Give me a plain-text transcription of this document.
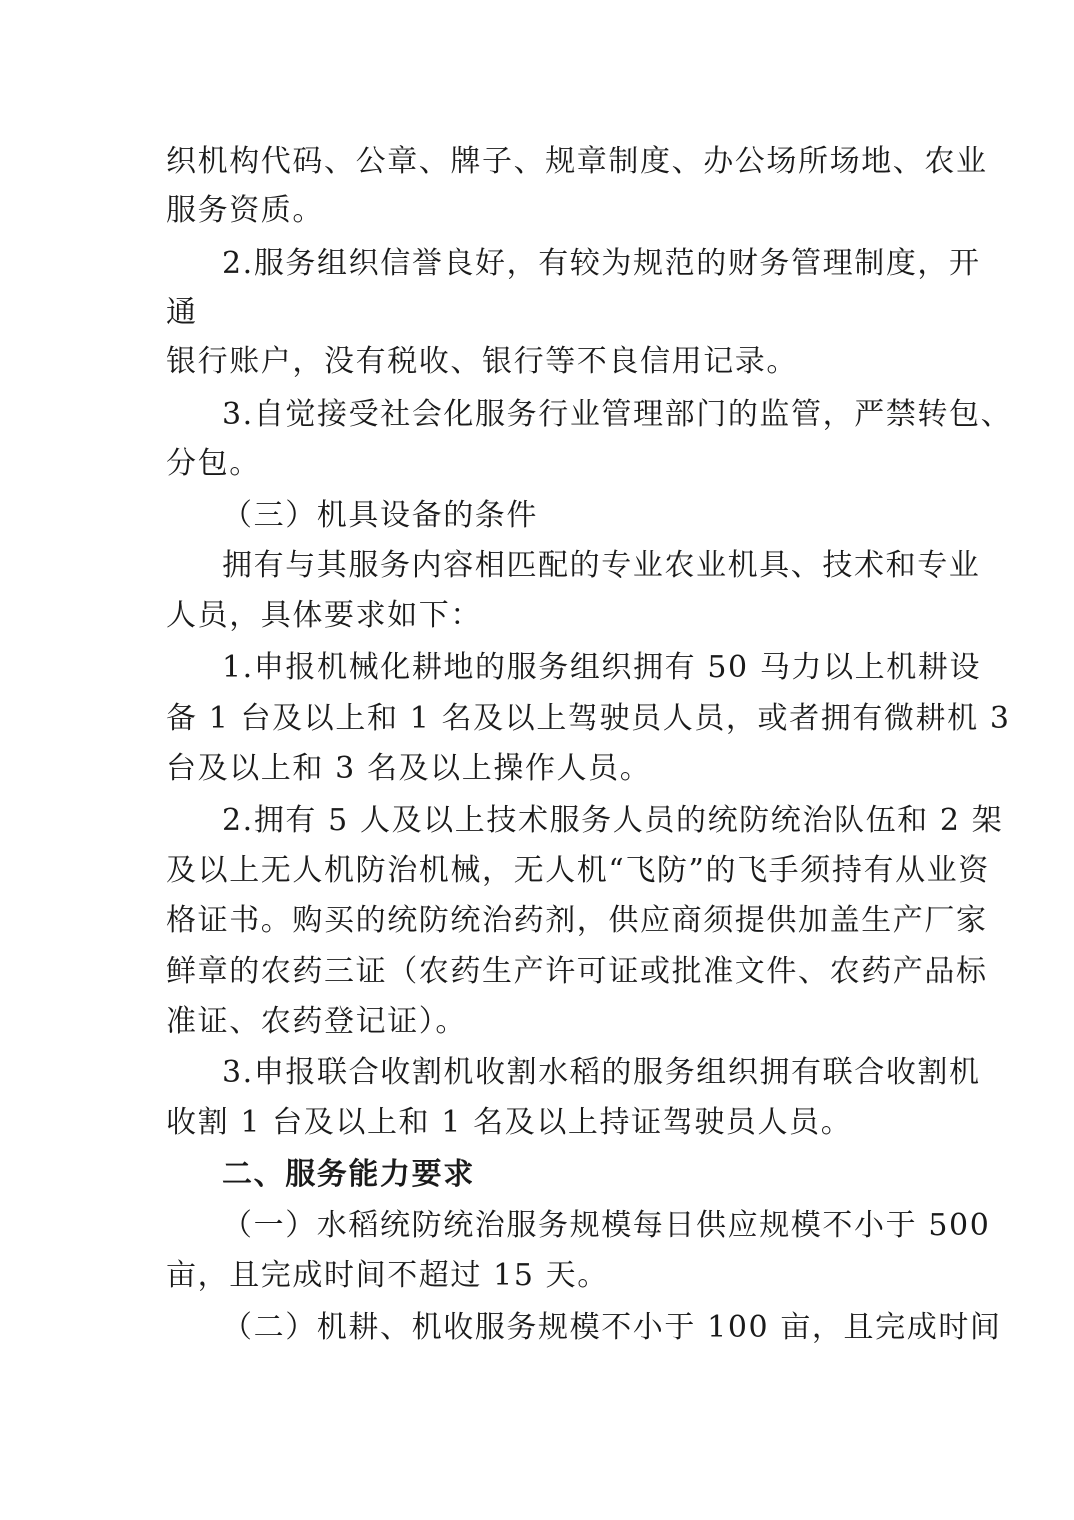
织机构代码、公章、牌子、规章制度、办公场所场地、农业
服务资质。
2.服务组织信誉良好，有较为规范的财务管理制度，开
通
银行账户，没有税收、银行等不良信用记录。
3.自觉接受社会化服务行业管理部门的监管，严禁转包、
分包。
（三）机具设备的条件
拥有与其服务内容相匹配的专业农业机具、技术和专业
人员，具体要求如下：
1.申报机械化耕地的服务组织拥有 50 马力以上机耕设
备 1 台及以上和 1 名及以上驾驶员人员，或者拥有微耕机 3
台及以上和 3 名及以上操作人员。
2.拥有 5 人及以上技术服务人员的统防统治队伍和 2 架
及以上无人机防治机械，无人机“飞防”的飞手须持有从业资
格证书。购买的统防统治药剂，供应商须提供加盖生产厂家
鲜章的农药三证（农药生产许可证或批准文件、农药产品标
准证、农药登记证）。
3.申报联合收割机收割水稻的服务组织拥有联合收割机
收割 1 台及以上和 1 名及以上持证驾驶员人员。
二、服务能力要求
（一）水稻统防统治服务规模每日供应规模不小于 500
亩，且完成时间不超过 15 天。
（二）机耕、机收服务规模不小于 100 亩，且完成时间
